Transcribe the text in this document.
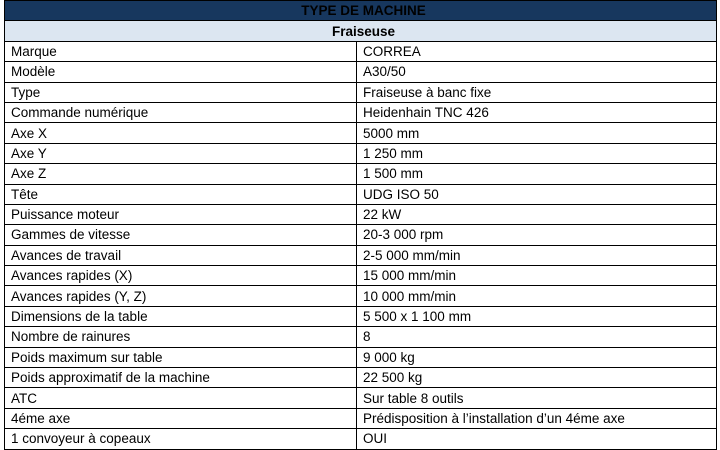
TYPE DE MACHINE	
Fraiseuse	
Marque	CORREA
Modèle	A30/50
Type	Fraiseuse à banc fixe
Commande numérique	Heidenhain TNC 426
Axe X	5000 mm
Axe Y	1 250 mm
Axe Z	1 500 mm
Tête	UDG ISO 50
Puissance moteur	22 kW
Gammes de vitesse	20-3 000 rpm
Avances de travail	2-5 000 mm/min
Avances rapides (X)	15 000 mm/min
Avances rapides (Y, Z)	10 000 mm/min
Dimensions de la table	5 500 x 1 100 mm
Nombre de rainures	8
Poids maximum sur table	9 000 kg
Poids approximatif de la machine	22 500 kg
ATC	Sur table 8 outils
4éme axe	Prédisposition à l’installation d’un 4éme axe
1 convoyeur à copeaux	OUI
